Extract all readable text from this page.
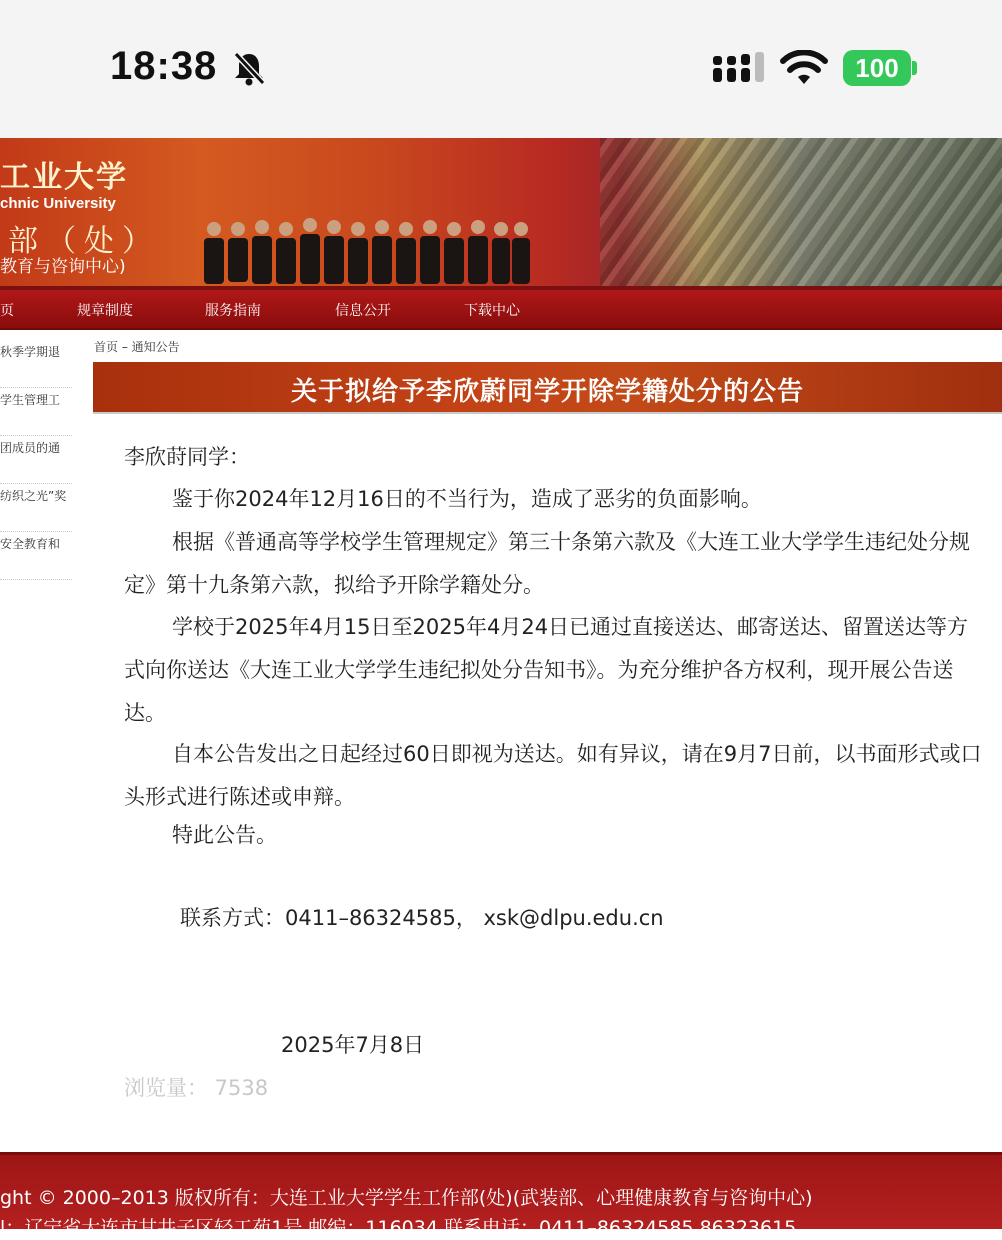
18:38	100
工业大学
chnic University
部（处）
教育与咨询中心)
页	规章制度	服务指南	信息公开	下载中心
秋季学期退
学生管理工
团成员的通
纺织之光”奖
安全教育和
首页 – 通知公告
关于拟给予李欣蔚同学开除学籍处分的公告
李欣莳同学：
鉴于你2024年12月16日的不当行为，造成了恶劣的负面影响。
根据《普通高等学校学生管理规定》第三十条第六款及《大连工业大学学生违纪处分规定》第十九条第六款，拟给予开除学籍处分。
学校于2025年4月15日至2025年4月24日已通过直接送达、邮寄送达、留置送达等方式向你送达《大连工业大学学生违纪拟处分告知书》。为充分维护各方权利，现开展公告送达。
自本公告发出之日起经过60日即视为送达。如有异议，请在9月7日前，以书面形式或口头形式进行陈述或申辩。
特此公告。
联系方式：0411–86324585， xsk@dlpu.edu.cn
2025年7月8日
浏览量： 7538
ght © 2000–2013 版权所有：大连工业大学学生工作部(处)(武装部、心理健康教育与咨询中心)
l：辽宁省大连市甘井子区轻工苑1号 邮编：116034 联系电话：0411–86324585 86323615
